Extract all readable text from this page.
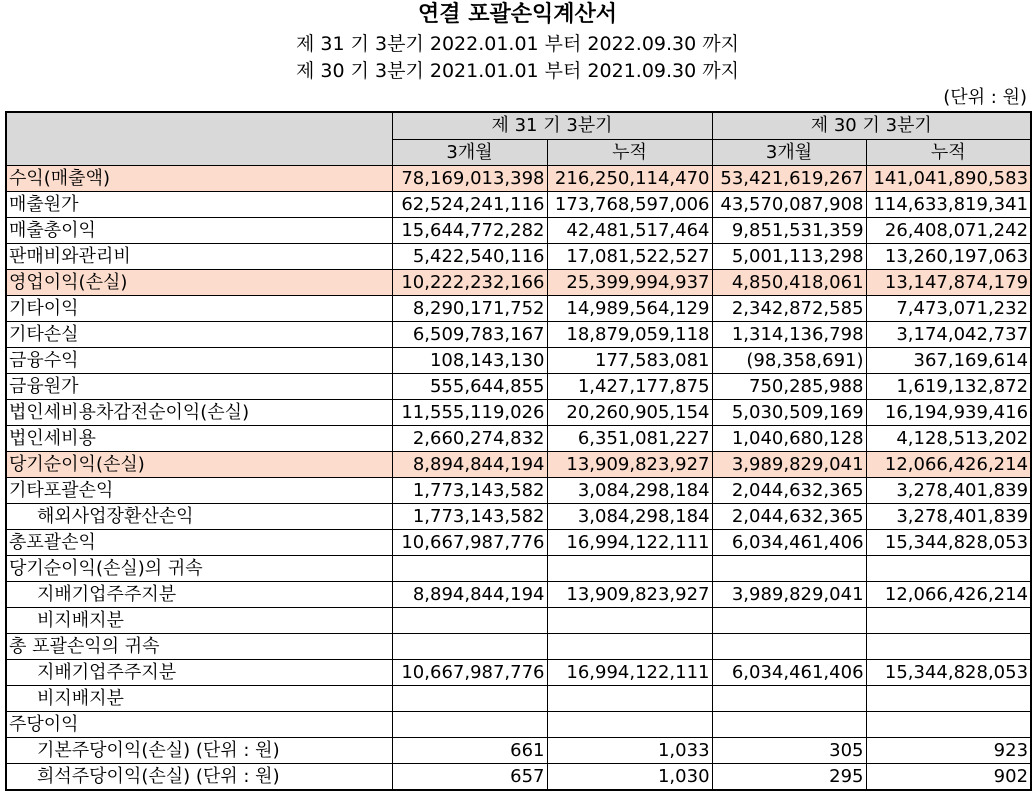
연결 포괄손익계산서
제 31 기 3분기 2022.01.01 부터 2022.09.30 까지
제 30 기 3분기 2021.01.01 부터 2021.09.30 까지
(단위 : 원)
	제 31 기 3분기		제 30 기 3분기	
	3개월	누적	3개월	누적
수익(매출액)	78,169,013,398	216,250,114,470	53,421,619,267	141,041,890,583
매출원가	62,524,241,116	173,768,597,006	43,570,087,908	114,633,819,341
매출총이익	15,644,772,282	42,481,517,464	9,851,531,359	26,408,071,242
판매비와관리비	5,422,540,116	17,081,522,527	5,001,113,298	13,260,197,063
영업이익(손실)	10,222,232,166	25,399,994,937	4,850,418,061	13,147,874,179
기타이익	8,290,171,752	14,989,564,129	2,342,872,585	7,473,071,232
기타손실	6,509,783,167	18,879,059,118	1,314,136,798	3,174,042,737
금융수익	108,143,130	177,583,081	(98,358,691)	367,169,614
금융원가	555,644,855	1,427,177,875	750,285,988	1,619,132,872
법인세비용차감전순이익(손실)	11,555,119,026	20,260,905,154	5,030,509,169	16,194,939,416
법인세비용	2,660,274,832	6,351,081,227	1,040,680,128	4,128,513,202
당기순이익(손실)	8,894,844,194	13,909,823,927	3,989,829,041	12,066,426,214
기타포괄손익	1,773,143,582	3,084,298,184	2,044,632,365	3,278,401,839
해외사업장환산손익	1,773,143,582	3,084,298,184	2,044,632,365	3,278,401,839
총포괄손익	10,667,987,776	16,994,122,111	6,034,461,406	15,344,828,053
당기순이익(손실)의 귀속				
지배기업주주지분	8,894,844,194	13,909,823,927	3,989,829,041	12,066,426,214
비지배지분				
총 포괄손익의 귀속				
지배기업주주지분	10,667,987,776	16,994,122,111	6,034,461,406	15,344,828,053
비지배지분				
주당이익				
기본주당이익(손실) (단위 : 원)	661	1,033	305	923
희석주당이익(손실) (단위 : 원)	657	1,030	295	902
